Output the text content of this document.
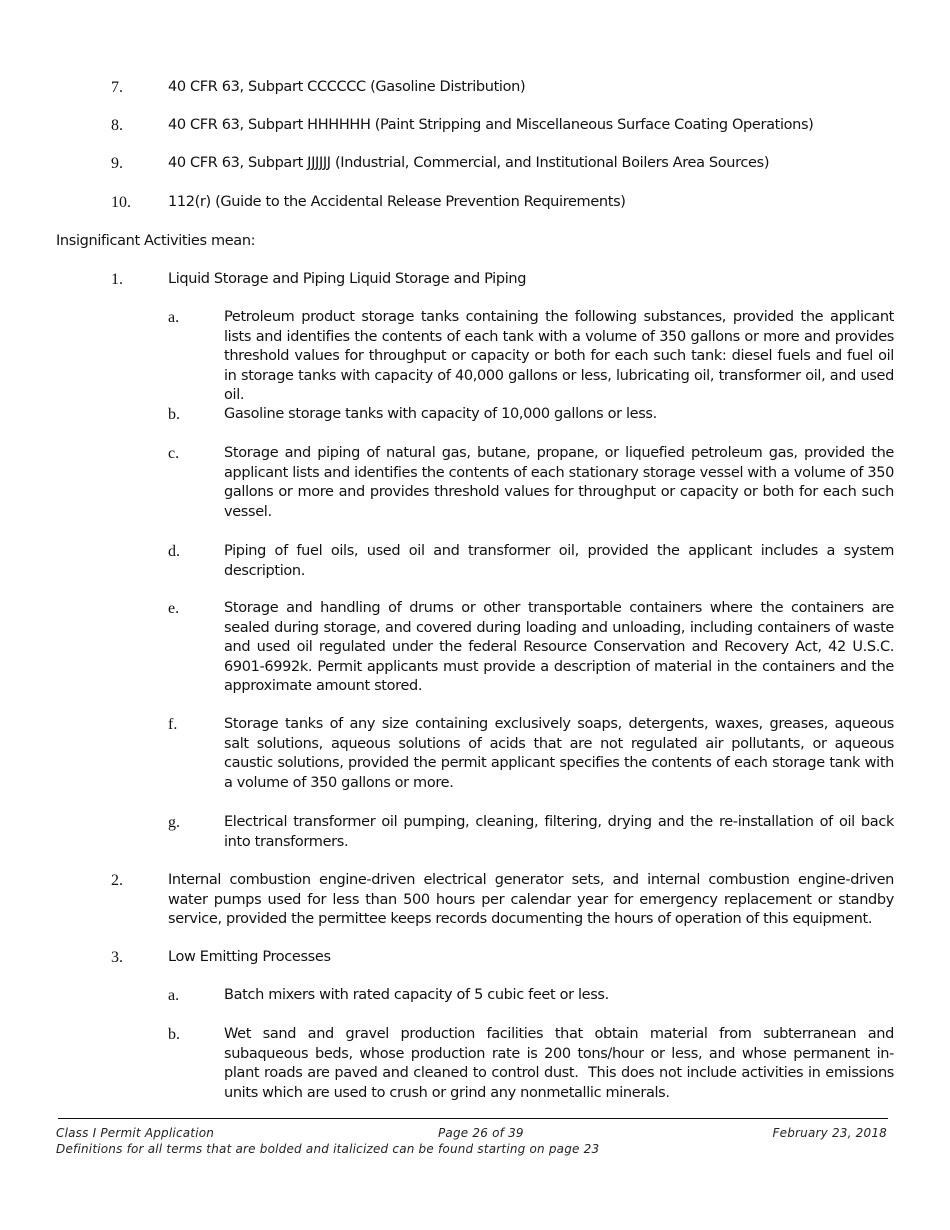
7.	40 CFR 63, Subpart CCCCCC (Gasoline Distribution)
8.	40 CFR 63, Subpart HHHHHH (Paint Stripping and Miscellaneous Surface Coating Operations)
9.	40 CFR 63, Subpart JJJJJJ (Industrial, Commercial, and Institutional Boilers Area Sources)
10.	112(r) (Guide to the Accidental Release Prevention Requirements)
Insignificant Activities mean:
1.	Liquid Storage and Piping Liquid Storage and Piping
a.	Petroleum product storage tanks containing the following substances, provided the applicant lists and identifies the contents of each tank with a volume of 350 gallons or more and provides threshold values for throughput or capacity or both for each such tank: diesel fuels and fuel oil in storage tanks with capacity of 40,000 gallons or less, lubricating oil, transformer oil, and used oil.
b.	Gasoline storage tanks with capacity of 10,000 gallons or less.
c.	Storage and piping of natural gas, butane, propane, or liquefied petroleum gas, provided the applicant lists and identifies the contents of each stationary storage vessel with a volume of 350 gallons or more and provides threshold values for throughput or capacity or both for each such vessel.
d.	Piping of fuel oils, used oil and transformer oil, provided the applicant includes a system description.
e.	Storage and handling of drums or other transportable containers where the containers are sealed during storage, and covered during loading and unloading, including containers of waste and used oil regulated under the federal Resource Conservation and Recovery Act, 42 U.S.C. 6901-6992k. Permit applicants must provide a description of material in the containers and the approximate amount stored.
f.	Storage tanks of any size containing exclusively soaps, detergents, waxes, greases, aqueous salt solutions, aqueous solutions of acids that are not regulated air pollutants, or aqueous caustic solutions, provided the permit applicant specifies the contents of each storage tank with a volume of 350 gallons or more.
g.	Electrical transformer oil pumping, cleaning, filtering, drying and the re-installation of oil back into transformers.
2.	Internal combustion engine-driven electrical generator sets, and internal combustion engine-driven water pumps used for less than 500 hours per calendar year for emergency replacement or standby service, provided the permittee keeps records documenting the hours of operation of this equipment.
3.	Low Emitting Processes
a.	Batch mixers with rated capacity of 5 cubic feet or less.
b.	Wet sand and gravel production facilities that obtain material from subterranean and subaqueous beds, whose production rate is 200 tons/hour or less, and whose permanent in-plant roads are paved and cleaned to control dust.  This does not include activities in emissions units which are used to crush or grind any nonmetallic minerals.
Class I Permit Application	Page 26 of 39	February 23, 2018
Definitions for all terms that are bolded and italicized can be found starting on page 23
